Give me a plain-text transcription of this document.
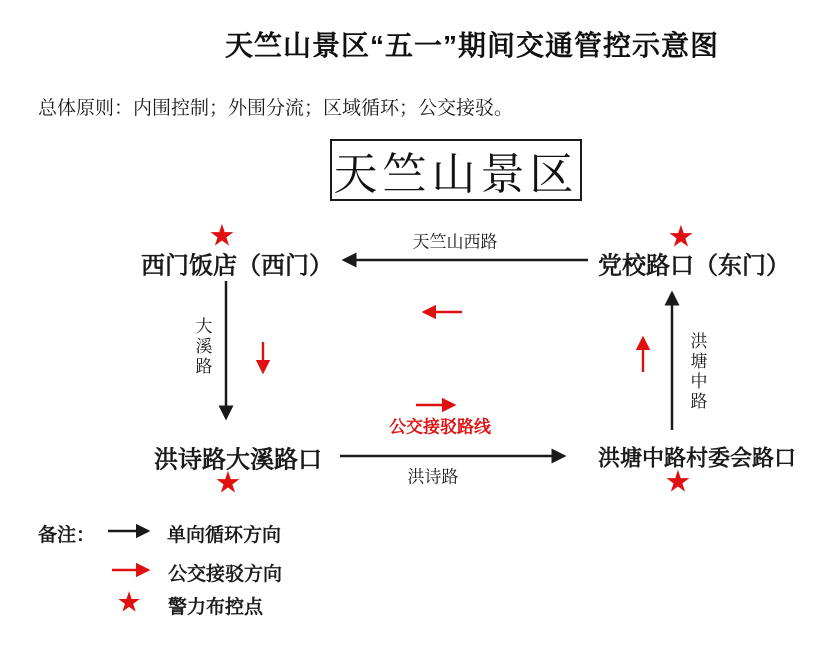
天竺山景区“五一”期间交通管控示意图
总体原则：内围控制；外围分流；区域循环；公交接驳。
天竺山景区
★	★
★	★
西门饭店（西门）	党校路口（东门）
洪诗路大溪路口	洪塘中路村委会路口
天竺山西路
大溪路	洪塘中路
洪诗路
公交接驳路线
备注：	单向循环方向
公交接驳方向
★ 警力布控点
